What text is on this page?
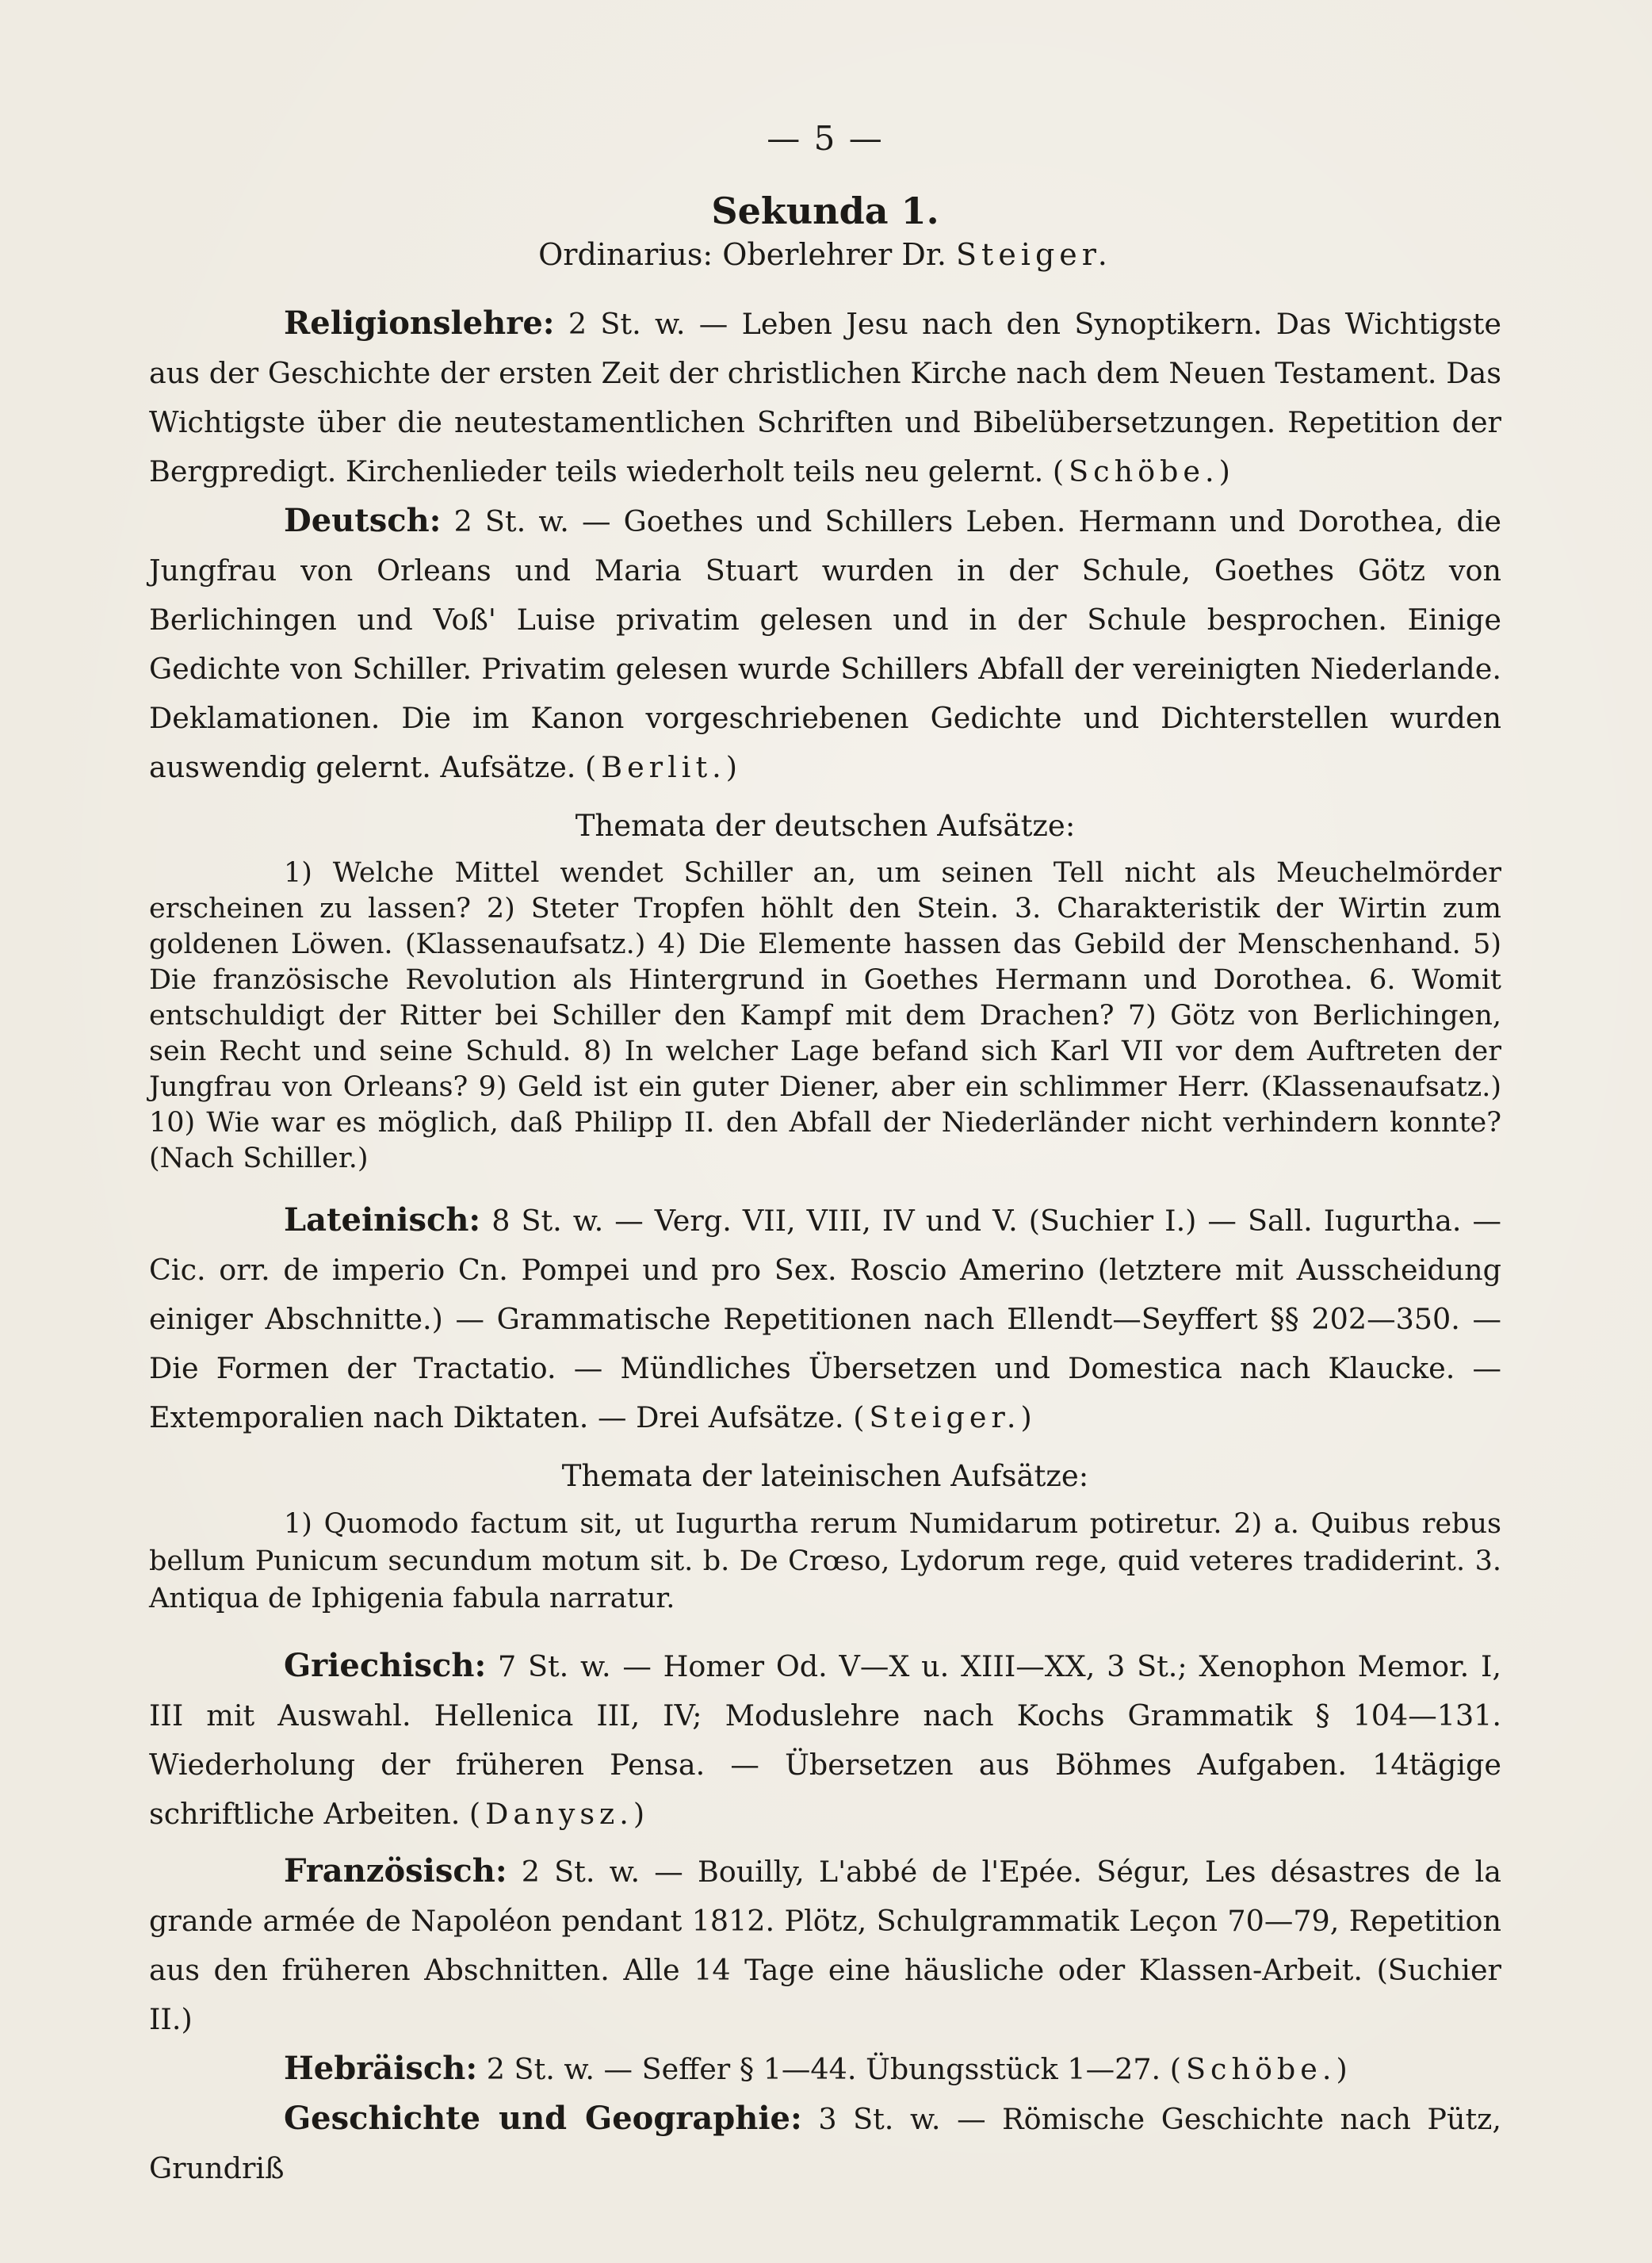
— 5 —
Sekunda 1.
Ordinarius: Oberlehrer Dr. Steiger.

Religionslehre: 2 St. w. — Leben Jesu nach den Synoptikern. Das Wichtigste aus der Geschichte der ersten Zeit der christlichen Kirche nach dem Neuen Testament. Das Wichtigste über die neutestamentlichen Schriften und Bibelübersetzungen. Repetition der Bergpredigt. Kirchenlieder teils wiederholt teils neu gelernt. (Schöbe.)

Deutsch: 2 St. w. — Goethes und Schillers Leben. Hermann und Dorothea, die Jungfrau von Orleans und Maria Stuart wurden in der Schule, Goethes Götz von Berlichingen und Voß' Luise privatim gelesen und in der Schule besprochen. Einige Gedichte von Schiller. Privatim gelesen wurde Schillers Abfall der vereinigten Niederlande. Deklamationen. Die im Kanon vorgeschriebenen Gedichte und Dichterstellen wurden auswendig gelernt. Aufsätze. (Berlit.)

Themata der deutschen Aufsätze:

1) Welche Mittel wendet Schiller an, um seinen Tell nicht als Meuchelmörder erscheinen zu lassen? 2) Steter Tropfen höhlt den Stein. 3. Charakteristik der Wirtin zum goldenen Löwen. (Klassenaufsatz.) 4) Die Elemente hassen das Gebild der Menschenhand. 5) Die französische Revolution als Hintergrund in Goethes Hermann und Dorothea. 6. Womit entschuldigt der Ritter bei Schiller den Kampf mit dem Drachen? 7) Götz von Berlichingen, sein Recht und seine Schuld. 8) In welcher Lage befand sich Karl VII vor dem Auftreten der Jungfrau von Orleans? 9) Geld ist ein guter Diener, aber ein schlimmer Herr. (Klassenaufsatz.) 10) Wie war es möglich, daß Philipp II. den Abfall der Niederländer nicht verhindern konnte? (Nach Schiller.)

Lateinisch: 8 St. w. — Verg. VII, VIII, IV und V. (Suchier I.) — Sall. Iugurtha. — Cic. orr. de imperio Cn. Pompei und pro Sex. Roscio Amerino (letztere mit Ausscheidung einiger Abschnitte.) — Grammatische Repetitionen nach Ellendt—Seyffert §§ 202—350. — Die Formen der Tractatio. — Mündliches Übersetzen und Domestica nach Klaucke. — Extemporalien nach Diktaten. — Drei Aufsätze. (Steiger.)

Themata der lateinischen Aufsätze:

1) Quomodo factum sit, ut Iugurtha rerum Numidarum potiretur. 2) a. Quibus rebus bellum Punicum secundum motum sit. b. De Crœso, Lydorum rege, quid veteres tradiderint. 3. Antiqua de Iphigenia fabula narratur.

Griechisch: 7 St. w. — Homer Od. V—X u. XIII—XX, 3 St.; Xenophon Memor. I, III mit Auswahl. Hellenica III, IV; Moduslehre nach Kochs Grammatik § 104—131. Wiederholung der früheren Pensa. — Übersetzen aus Böhmes Aufgaben. 14tägige schriftliche Arbeiten. (Danysz.)

Französisch: 2 St. w. — Bouilly, L'abbé de l'Epée. Ségur, Les désastres de la grande armée de Napoléon pendant 1812. Plötz, Schulgrammatik Leçon 70—79, Repetition aus den früheren Abschnitten. Alle 14 Tage eine häusliche oder Klassen-Arbeit. (Suchier II.)

Hebräisch: 2 St. w. — Seffer § 1—44. Übungsstück 1—27. (Schöbe.)

Geschichte und Geographie: 3 St. w. — Römische Geschichte nach Pütz, Grundriß
